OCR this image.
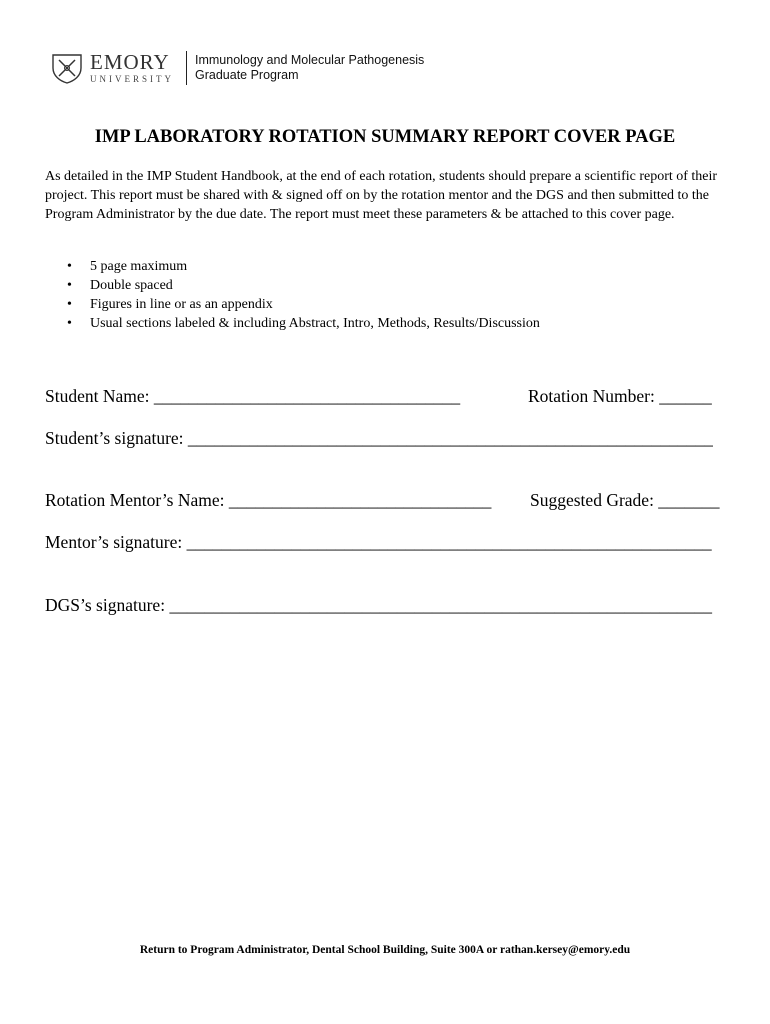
EMORY
UNIVERSITY
Immunology and Molecular Pathogenesis
Graduate Program
IMP LABORATORY ROTATION SUMMARY REPORT COVER PAGE

As detailed in the IMP Student Handbook, at the end of each rotation, students should prepare a scientific report of their project. This report must be shared with & signed off on by the rotation mentor and the DGS and then submitted to the Program Administrator by the due date. The report must meet these parameters & be attached to this cover page.

• 5 page maximum
• Double spaced
• Figures in line or as an appendix
• Usual sections labeled & including Abstract, Intro, Methods, Results/Discussion
Student Name: ___________________________________	Rotation Number: ______
Student’s signature: ____________________________________________________________
Rotation Mentor’s Name: ______________________________ Suggested Grade: _______
Mentor’s signature: ____________________________________________________________
DGS’s signature: ______________________________________________________________
Return to Program Administrator, Dental School Building, Suite 300A or rathan.kersey@emory.edu
